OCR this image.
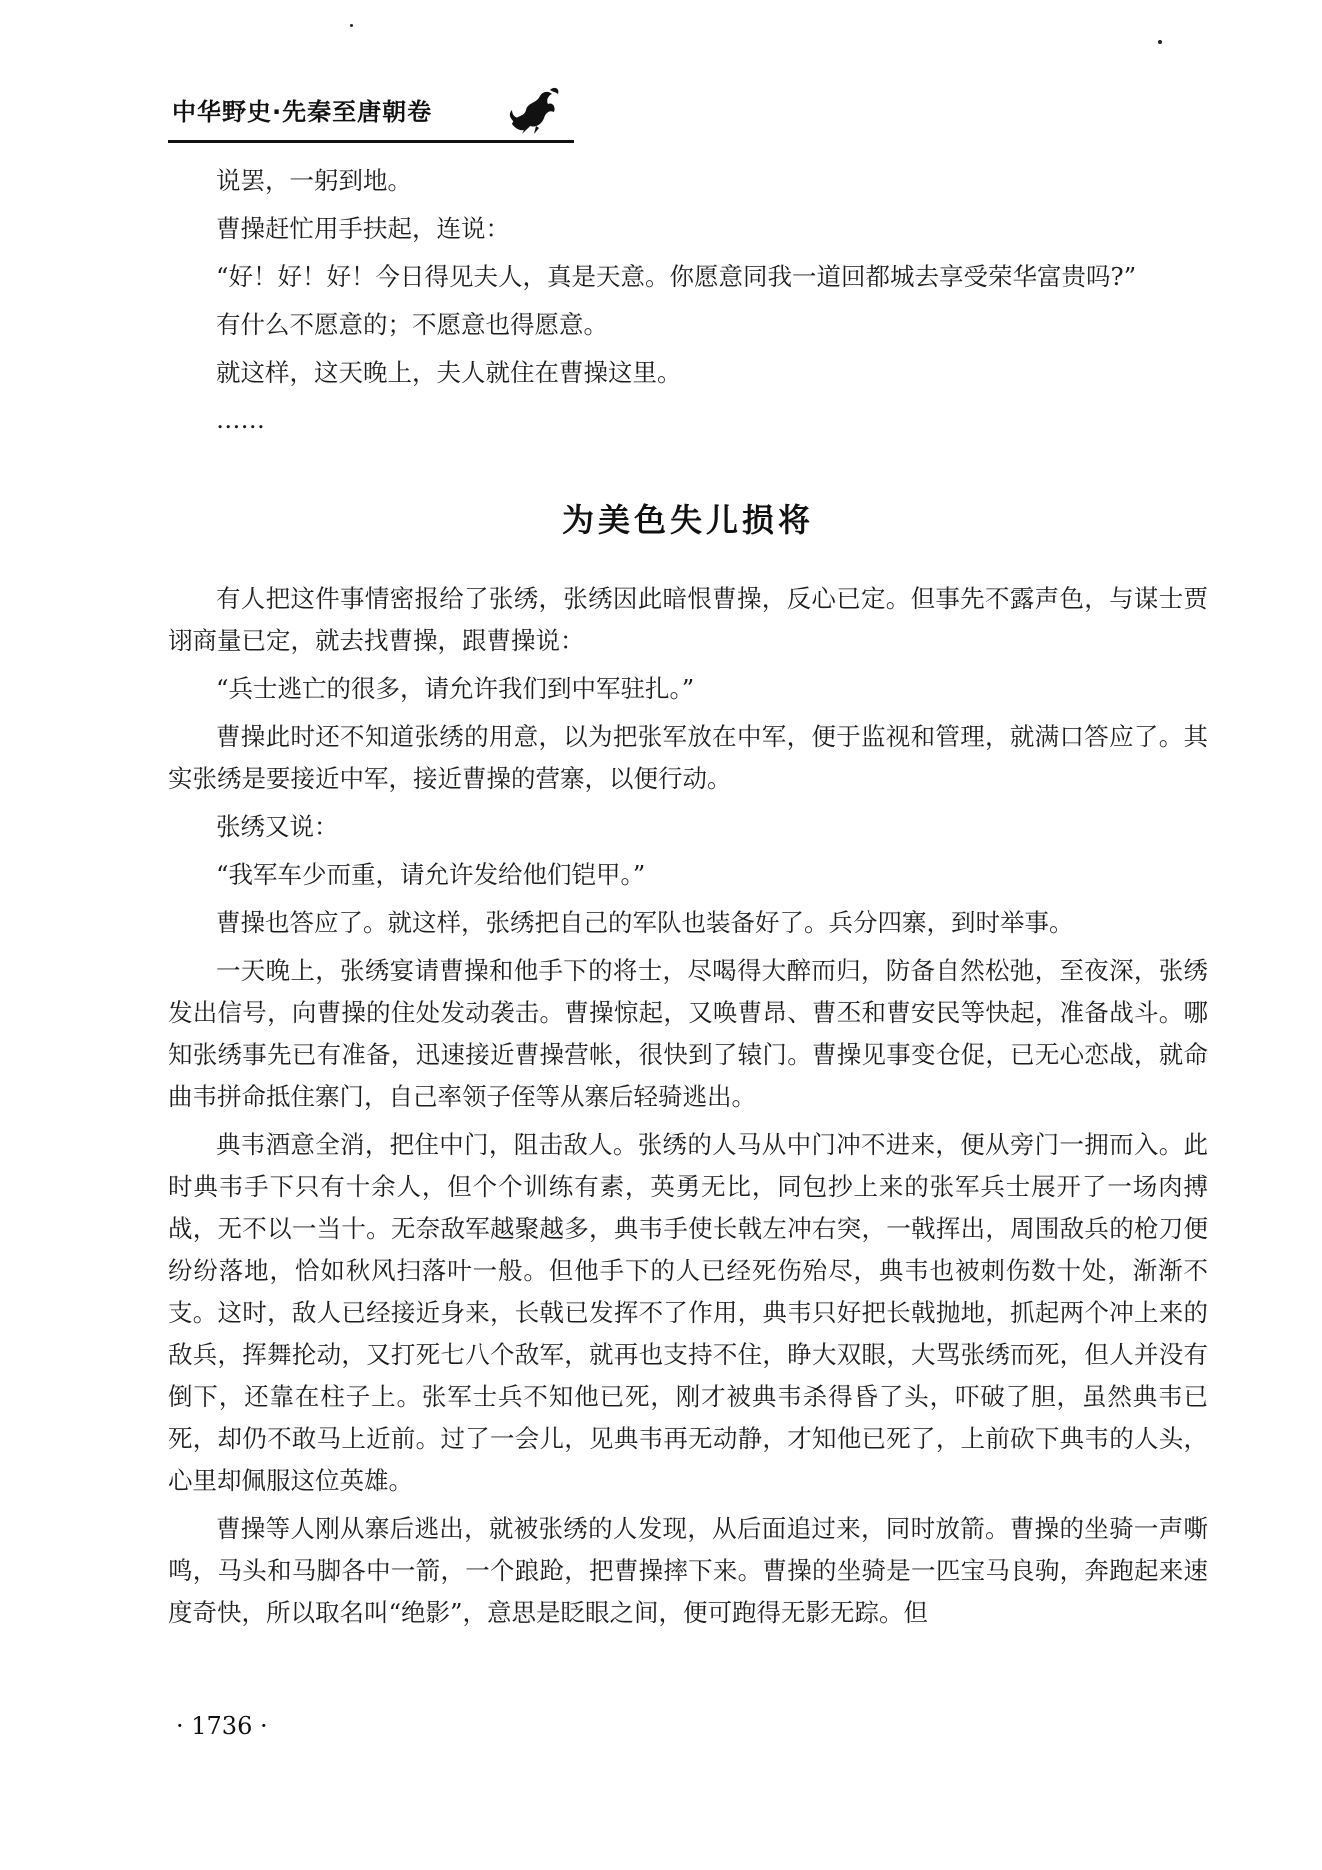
中华野史·先秦至唐朝卷

说罢，一躬到地。

曹操赶忙用手扶起，连说：

“好！好！好！今日得见夫人，真是天意。你愿意同我一道回都城去享受荣华富贵吗?”

有什么不愿意的；不愿意也得愿意。

就这样，这天晚上，夫人就住在曹操这里。

……

为美色失儿损将

有人把这件事情密报给了张绣，张绣因此暗恨曹操，反心已定。但事先不露声色，与谋士贾诩商量已定，就去找曹操，跟曹操说：

“兵士逃亡的很多，请允许我们到中军驻扎。”

曹操此时还不知道张绣的用意，以为把张军放在中军，便于监视和管理，就满口答应了。其实张绣是要接近中军，接近曹操的营寨，以便行动。

张绣又说：

“我军车少而重，请允许发给他们铠甲。”

曹操也答应了。就这样，张绣把自己的军队也装备好了。兵分四寨，到时举事。

一天晚上，张绣宴请曹操和他手下的将士，尽喝得大醉而归，防备自然松弛，至夜深，张绣发出信号，向曹操的住处发动袭击。曹操惊起，又唤曹昂、曹丕和曹安民等快起，准备战斗。哪知张绣事先已有准备，迅速接近曹操营帐，很快到了辕门。曹操见事变仓促，已无心恋战，就命曲韦拼命抵住寨门，自己率领子侄等从寨后轻骑逃出。

典韦酒意全消，把住中门，阻击敌人。张绣的人马从中门冲不进来，便从旁门一拥而入。此时典韦手下只有十余人，但个个训练有素，英勇无比，同包抄上来的张军兵士展开了一场肉搏战，无不以一当十。无奈敌军越聚越多，典韦手使长戟左冲右突，一戟挥出，周围敌兵的枪刀便纷纷落地，恰如秋风扫落叶一般。但他手下的人已经死伤殆尽，典韦也被刺伤数十处，渐渐不支。这时，敌人已经接近身来，长戟已发挥不了作用，典韦只好把长戟抛地，抓起两个冲上来的敌兵，挥舞抡动，又打死七八个敌军，就再也支持不住，睁大双眼，大骂张绣而死，但人并没有倒下，还靠在柱子上。张军士兵不知他已死，刚才被典韦杀得昏了头，吓破了胆，虽然典韦已死，却仍不敢马上近前。过了一会儿，见典韦再无动静，才知他已死了，上前砍下典韦的人头，心里却佩服这位英雄。

曹操等人刚从寨后逃出，就被张绣的人发现，从后面追过来，同时放箭。曹操的坐骑一声嘶鸣，马头和马脚各中一箭，一个踉跄，把曹操摔下来。曹操的坐骑是一匹宝马良驹，奔跑起来速度奇快，所以取名叫“绝影”，意思是眨眼之间，便可跑得无影无踪。但

· 1736 ·
